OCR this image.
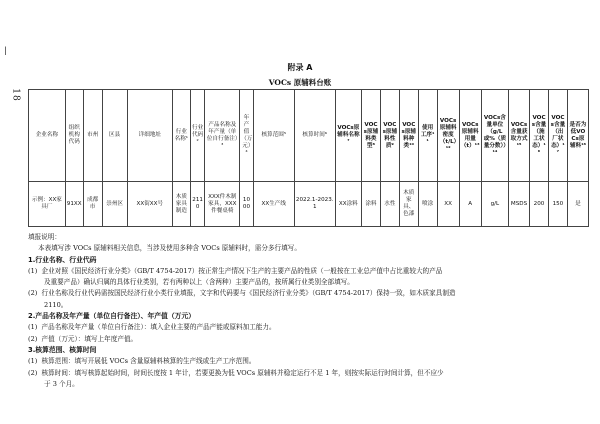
|
18
附录 A
VOCs 原辅料台账
企业名称	组织机构代码	市州	区县	详细地址	行业名称¹	行业代码²	产品名称及年产量（单位自行备注）³	年产值（万元）⁴	核算范围⁵	核算时间⁶	VOCs原辅料名称⁷	VOCs原辅料类型⁸	VOCs原辅料性质⁹	VOCs原辅料种类¹⁰	使用工序¹¹	VOCs原辅料密度（t/L）¹²	VOCs原辅料用量（t）¹³	VOCs含量单位（g/L或%（质量分数））¹⁴	VOCs含量获取方式¹⁵	VOCs含量（施工状态）¹⁶	VOCs含量（出厂状态）¹⁷	是否为低VOCs原辅料¹⁸
示例：XX家具厂	91XX	成都市	崇州区	XX街XX号	木质家具制造	2110	XXX件木制家具，XXX件餐桌椅	1000	XX生产线	2022.1-2023.1	XX涂料	涂料	水性	木质家具、色漆	喷涂	XX	A	g/L	MSDS	200	150	是

填报说明：

本表填写涉 VOCs 原辅料相关信息，当涉及使用多种含 VOCs 原辅料时，需分多行填写。

1.行业名称、行业代码

(1) 企业对照《国民经济行业分类》（GB/T 4754-2017）按正常生产情况下生产的主要产品的性质（一般按在工业总产值中占比重较大的产品

及重要产品）确认归属的具体行业类别，若有两种以上（含两种）主要产品的，按所属行业类别全部填写。

(2) 行业名称及行业代码需按国民经济行业小类行业填报，文字和代码要与《国民经济行业分类》（GB/T 4754-2017）保持一致，如木质家具制造

2110。

2.产品名称及年产量（单位自行备注）、年产值（万元）

(1) 产品名称及年产量（单位自行备注）：填入企业主要的产品产能或原料加工能力。

(2) 产值（万元）：填写上年度产值。

3.核算范围、核算时间

(1) 核算范围：填写开展低 VOCs 含量原辅料核算的生产线或生产工序范围。

(2) 核算时间：填写核算起始时间，时间长度按 1 年计，若要更换为低 VOCs 原辅料并稳定运行不足 1 年，则按实际运行时间计算，但不应少

于 3 个月。
